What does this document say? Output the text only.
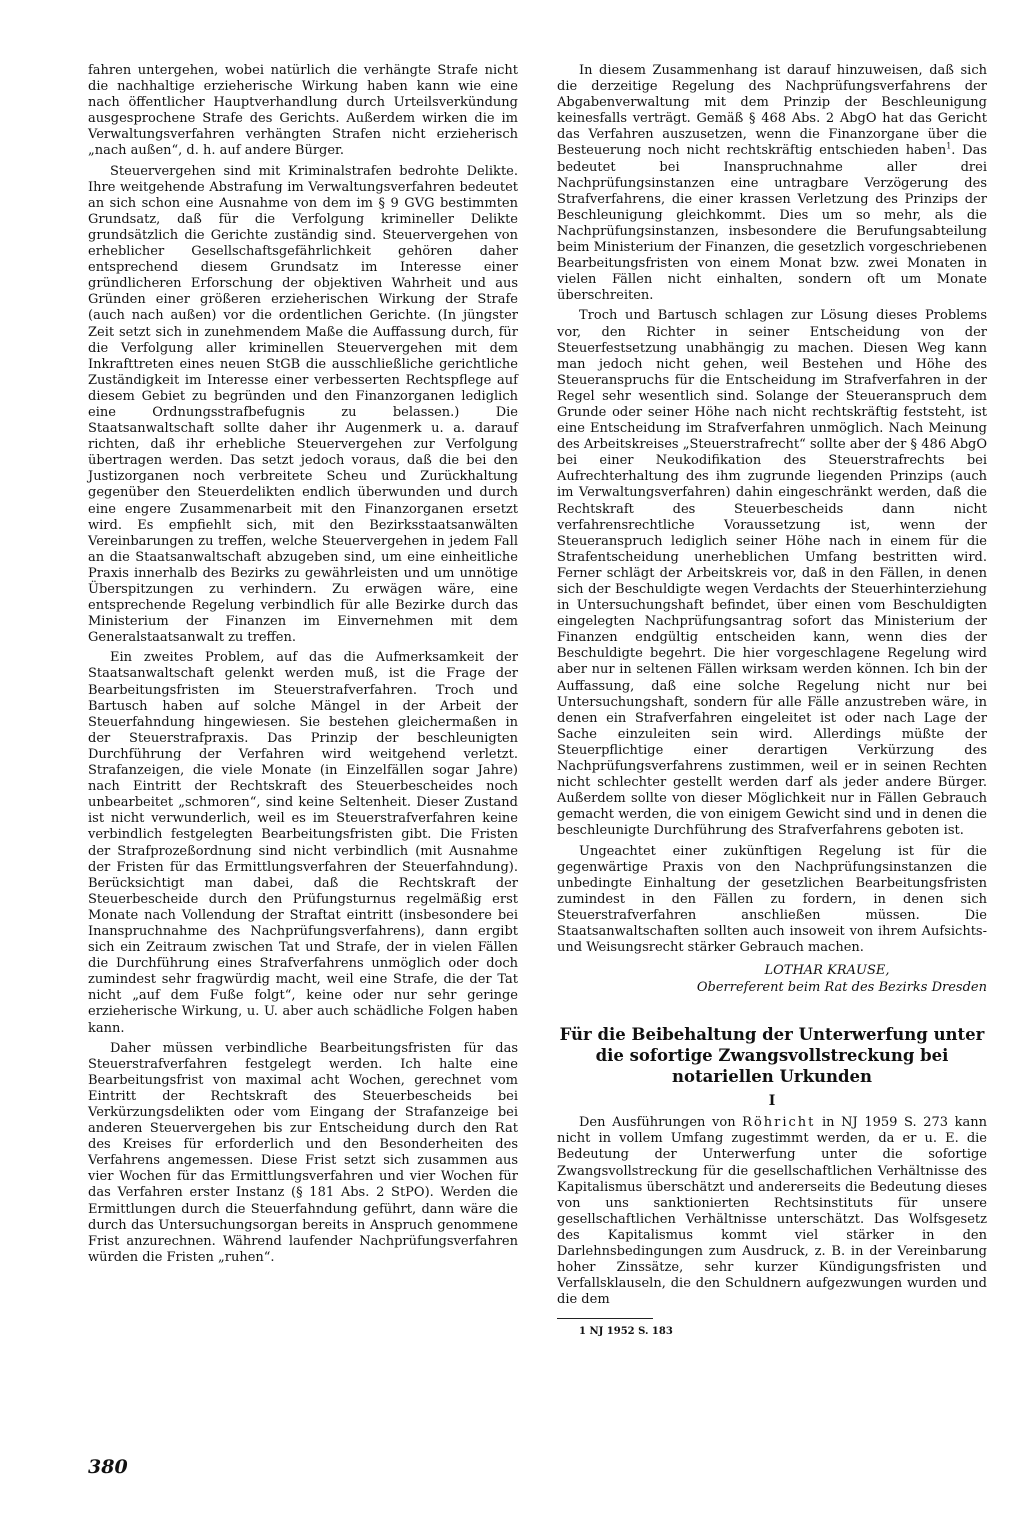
fahren untergehen, wobei natürlich die verhängte Strafe nicht die nachhaltige erzieherische Wirkung haben kann wie eine nach öffentlicher Hauptverhandlung durch Urteilsverkündung ausgesprochene Strafe des Gerichts. Außerdem wirken die im Verwaltungsverfahren verhängten Strafen nicht erzieherisch „nach außen“, d. h. auf andere Bürger.

Steuervergehen sind mit Kriminalstrafen bedrohte Delikte. Ihre weitgehende Abstrafung im Verwaltungsverfahren bedeutet an sich schon eine Ausnahme von dem im § 9 GVG bestimmten Grundsatz, daß für die Verfolgung krimineller Delikte grundsätzlich die Gerichte zuständig sind. Steuervergehen von erheblicher Gesellschaftsgefährlichkeit gehören daher entsprechend diesem Grundsatz im Interesse einer gründlicheren Erforschung der objektiven Wahrheit und aus Gründen einer größeren erzieherischen Wirkung der Strafe (auch nach außen) vor die ordentlichen Gerichte. (In jüngster Zeit setzt sich in zunehmendem Maße die Auffassung durch, für die Verfolgung aller kriminellen Steuervergehen mit dem Inkrafttreten eines neuen StGB die ausschließliche gerichtliche Zuständigkeit im Interesse einer verbesserten Rechtspflege auf diesem Gebiet zu begründen und den Finanzorganen lediglich eine Ordnungsstrafbefugnis zu belassen.) Die Staatsanwaltschaft sollte daher ihr Augenmerk u. a. darauf richten, daß ihr erhebliche Steuervergehen zur Verfolgung übertragen werden. Das setzt jedoch voraus, daß die bei den Justizorganen noch verbreitete Scheu und Zurückhaltung gegenüber den Steuerdelikten endlich überwunden und durch eine engere Zusammenarbeit mit den Finanzorganen ersetzt wird. Es empfiehlt sich, mit den Bezirksstaatsanwälten Vereinbarungen zu treffen, welche Steuervergehen in jedem Fall an die Staatsanwaltschaft abzugeben sind, um eine einheitliche Praxis innerhalb des Bezirks zu gewährleisten und um unnötige Überspitzungen zu verhindern. Zu erwägen wäre, eine entsprechende Regelung verbindlich für alle Bezirke durch das Ministerium der Finanzen im Einvernehmen mit dem Generalstaatsanwalt zu treffen.

Ein zweites Problem, auf das die Aufmerksamkeit der Staatsanwaltschaft gelenkt werden muß, ist die Frage der Bearbeitungsfristen im Steuerstrafverfahren. Troch und Bartusch haben auf solche Mängel in der Arbeit der Steuerfahndung hingewiesen. Sie bestehen gleichermaßen in der Steuerstrafpraxis. Das Prinzip der beschleunigten Durchführung der Verfahren wird weitgehend verletzt. Strafanzeigen, die viele Monate (in Einzelfällen sogar Jahre) nach Eintritt der Rechtskraft des Steuerbescheides noch unbearbeitet „schmoren“, sind keine Seltenheit. Dieser Zustand ist nicht verwunderlich, weil es im Steuerstrafverfahren keine verbindlich festgelegten Bearbeitungsfristen gibt. Die Fristen der Strafprozeßordnung sind nicht verbindlich (mit Ausnahme der Fristen für das Ermittlungsverfahren der Steuerfahndung). Berücksichtigt man dabei, daß die Rechtskraft der Steuerbescheide durch den Prüfungsturnus regelmäßig erst Monate nach Vollendung der Straftat eintritt (insbesondere bei Inanspruchnahme des Nachprüfungsverfahrens), dann ergibt sich ein Zeitraum zwischen Tat und Strafe, der in vielen Fällen die Durchführung eines Strafverfahrens unmöglich oder doch zumindest sehr fragwürdig macht, weil eine Strafe, die der Tat nicht „auf dem Fuße folgt“, keine oder nur sehr geringe erzieherische Wirkung, u. U. aber auch schädliche Folgen haben kann.

Daher müssen verbindliche Bearbeitungsfristen für das Steuerstrafverfahren festgelegt werden. Ich halte eine Bearbeitungsfrist von maximal acht Wochen, gerechnet vom Eintritt der Rechtskraft des Steuerbescheids bei Verkürzungsdelikten oder vom Eingang der Strafanzeige bei anderen Steuervergehen bis zur Entscheidung durch den Rat des Kreises für erforderlich und den Besonderheiten des Verfahrens angemessen. Diese Frist setzt sich zusammen aus vier Wochen für das Ermittlungsverfahren und vier Wochen für das Verfahren erster Instanz (§ 181 Abs. 2 StPO). Werden die Ermittlungen durch die Steuerfahndung geführt, dann wäre die durch das Untersuchungsorgan bereits in Anspruch genommene Frist anzurechnen. Während laufender Nachprüfungsverfahren würden die Fristen „ruhen“.

In diesem Zusammenhang ist darauf hinzuweisen, daß sich die derzeitige Regelung des Nachprüfungsverfahrens der Abgabenverwaltung mit dem Prinzip der Beschleunigung keinesfalls verträgt. Gemäß § 468 Abs. 2 AbgO hat das Gericht das Verfahren auszusetzen, wenn die Finanzorgane über die Besteuerung noch nicht rechtskräftig entschieden haben$^1$. Das bedeutet bei Inanspruchnahme aller drei Nachprüfungsinstanzen eine untragbare Verzögerung des Strafverfahrens, die einer krassen Verletzung des Prinzips der Beschleunigung gleichkommt. Dies um so mehr, als die Nachprüfungsinstanzen, insbesondere die Berufungsabteilung beim Ministerium der Finanzen, die gesetzlich vorgeschriebenen Bearbeitungsfristen von einem Monat bzw. zwei Monaten in vielen Fällen nicht einhalten, sondern oft um Monate überschreiten.

Troch und Bartusch schlagen zur Lösung dieses Problems vor, den Richter in seiner Entscheidung von der Steuerfestsetzung unabhängig zu machen. Diesen Weg kann man jedoch nicht gehen, weil Bestehen und Höhe des Steueranspruchs für die Entscheidung im Strafverfahren in der Regel sehr wesentlich sind. Solange der Steueranspruch dem Grunde oder seiner Höhe nach nicht rechtskräftig feststeht, ist eine Entscheidung im Strafverfahren unmöglich. Nach Meinung des Arbeitskreises „Steuerstrafrecht“ sollte aber der § 486 AbgO bei einer Neukodifikation des Steuerstrafrechts bei Aufrechterhaltung des ihm zugrunde liegenden Prinzips (auch im Verwaltungsverfahren) dahin eingeschränkt werden, daß die Rechtskraft des Steuerbescheids dann nicht verfahrensrechtliche Voraussetzung ist, wenn der Steueranspruch lediglich seiner Höhe nach in einem für die Strafentscheidung unerheblichen Umfang bestritten wird. Ferner schlägt der Arbeitskreis vor, daß in den Fällen, in denen sich der Beschuldigte wegen Verdachts der Steuerhinterziehung in Untersuchungshaft befindet, über einen vom Beschuldigten eingelegten Nachprüfungsantrag sofort das Ministerium der Finanzen endgültig entscheiden kann, wenn dies der Beschuldigte begehrt. Die hier vorgeschlagene Regelung wird aber nur in seltenen Fällen wirksam werden können. Ich bin der Auffassung, daß eine solche Regelung nicht nur bei Untersuchungshaft, sondern für alle Fälle anzustreben wäre, in denen ein Strafverfahren eingeleitet ist oder nach Lage der Sache einzuleiten sein wird. Allerdings müßte der Steuerpflichtige einer derartigen Verkürzung des Nachprüfungsverfahrens zustimmen, weil er in seinen Rechten nicht schlechter gestellt werden darf als jeder andere Bürger. Außerdem sollte von dieser Möglichkeit nur in Fällen Gebrauch gemacht werden, die von einigem Gewicht sind und in denen die beschleunigte Durchführung des Strafverfahrens geboten ist.

Ungeachtet einer zukünftigen Regelung ist für die gegenwärtige Praxis von den Nachprüfungsinstanzen die unbedingte Einhaltung der gesetzlichen Bearbeitungsfristen zumindest in den Fällen zu fordern, in denen sich Steuerstrafverfahren anschließen müssen. Die Staatsanwaltschaften sollten auch insoweit von ihrem Aufsichts- und Weisungsrecht stärker Gebrauch machen.

LOTHAR KRAUSE,
Oberreferent beim Rat des Bezirks Dresden
Für die Beibehaltung der Unterwerfung unter die sofortige Zwangsvollstreckung bei notariellen Urkunden
I

Den Ausführungen von Röhricht in NJ 1959 S. 273 kann nicht in vollem Umfang zugestimmt werden, da er u. E. die Bedeutung der Unterwerfung unter die sofortige Zwangsvollstreckung für die gesellschaftlichen Verhältnisse des Kapitalismus überschätzt und andererseits die Bedeutung dieses von uns sanktionierten Rechtsinstituts für unsere gesellschaftlichen Verhältnisse unterschätzt. Das Wolfsgesetz des Kapitalismus kommt viel stärker in den Darlehnsbedingungen zum Ausdruck, z. B. in der Vereinbarung hoher Zinssätze, sehr kurzer Kündigungsfristen und Verfallsklauseln, die den Schuldnern aufgezwungen wurden und die dem

1 NJ 1952 S. 183

380
